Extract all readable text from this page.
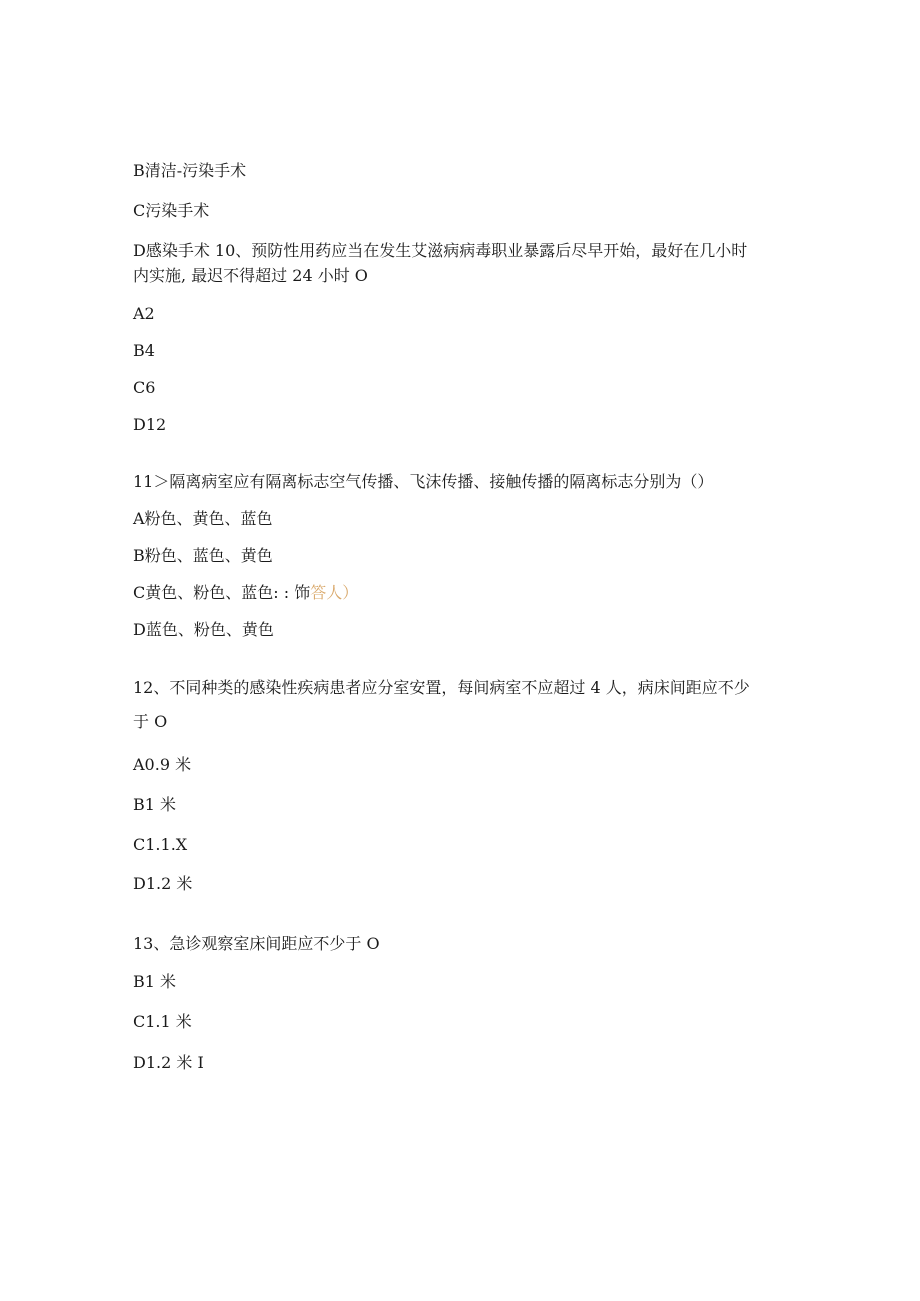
B清洁-污染手术
C污染手术
D感染手术 10、预防性用药应当在发生艾滋病病毒职业暴露后尽早开始，最好在几小时
内实施, 最迟不得超过 24 小时 O
A2
B4
C6
D12
11＞隔离病室应有隔离标志空气传播、飞沫传播、接触传播的隔离标志分别为（）
A粉色、黄色、蓝色
B粉色、蓝色、黄色
C黄色、粉色、蓝色: : 饰答人）
D蓝色、粉色、黄色
12、不同种类的感染性疾病患者应分室安置，每间病室不应超过 4 人，病床间距应不少
于 O
A0.9 米
B1 米
C1.1.X
D1.2 米
13、急诊观察室床间距应不少于 O
B1 米
C1.1 米
D1.2 米 I
